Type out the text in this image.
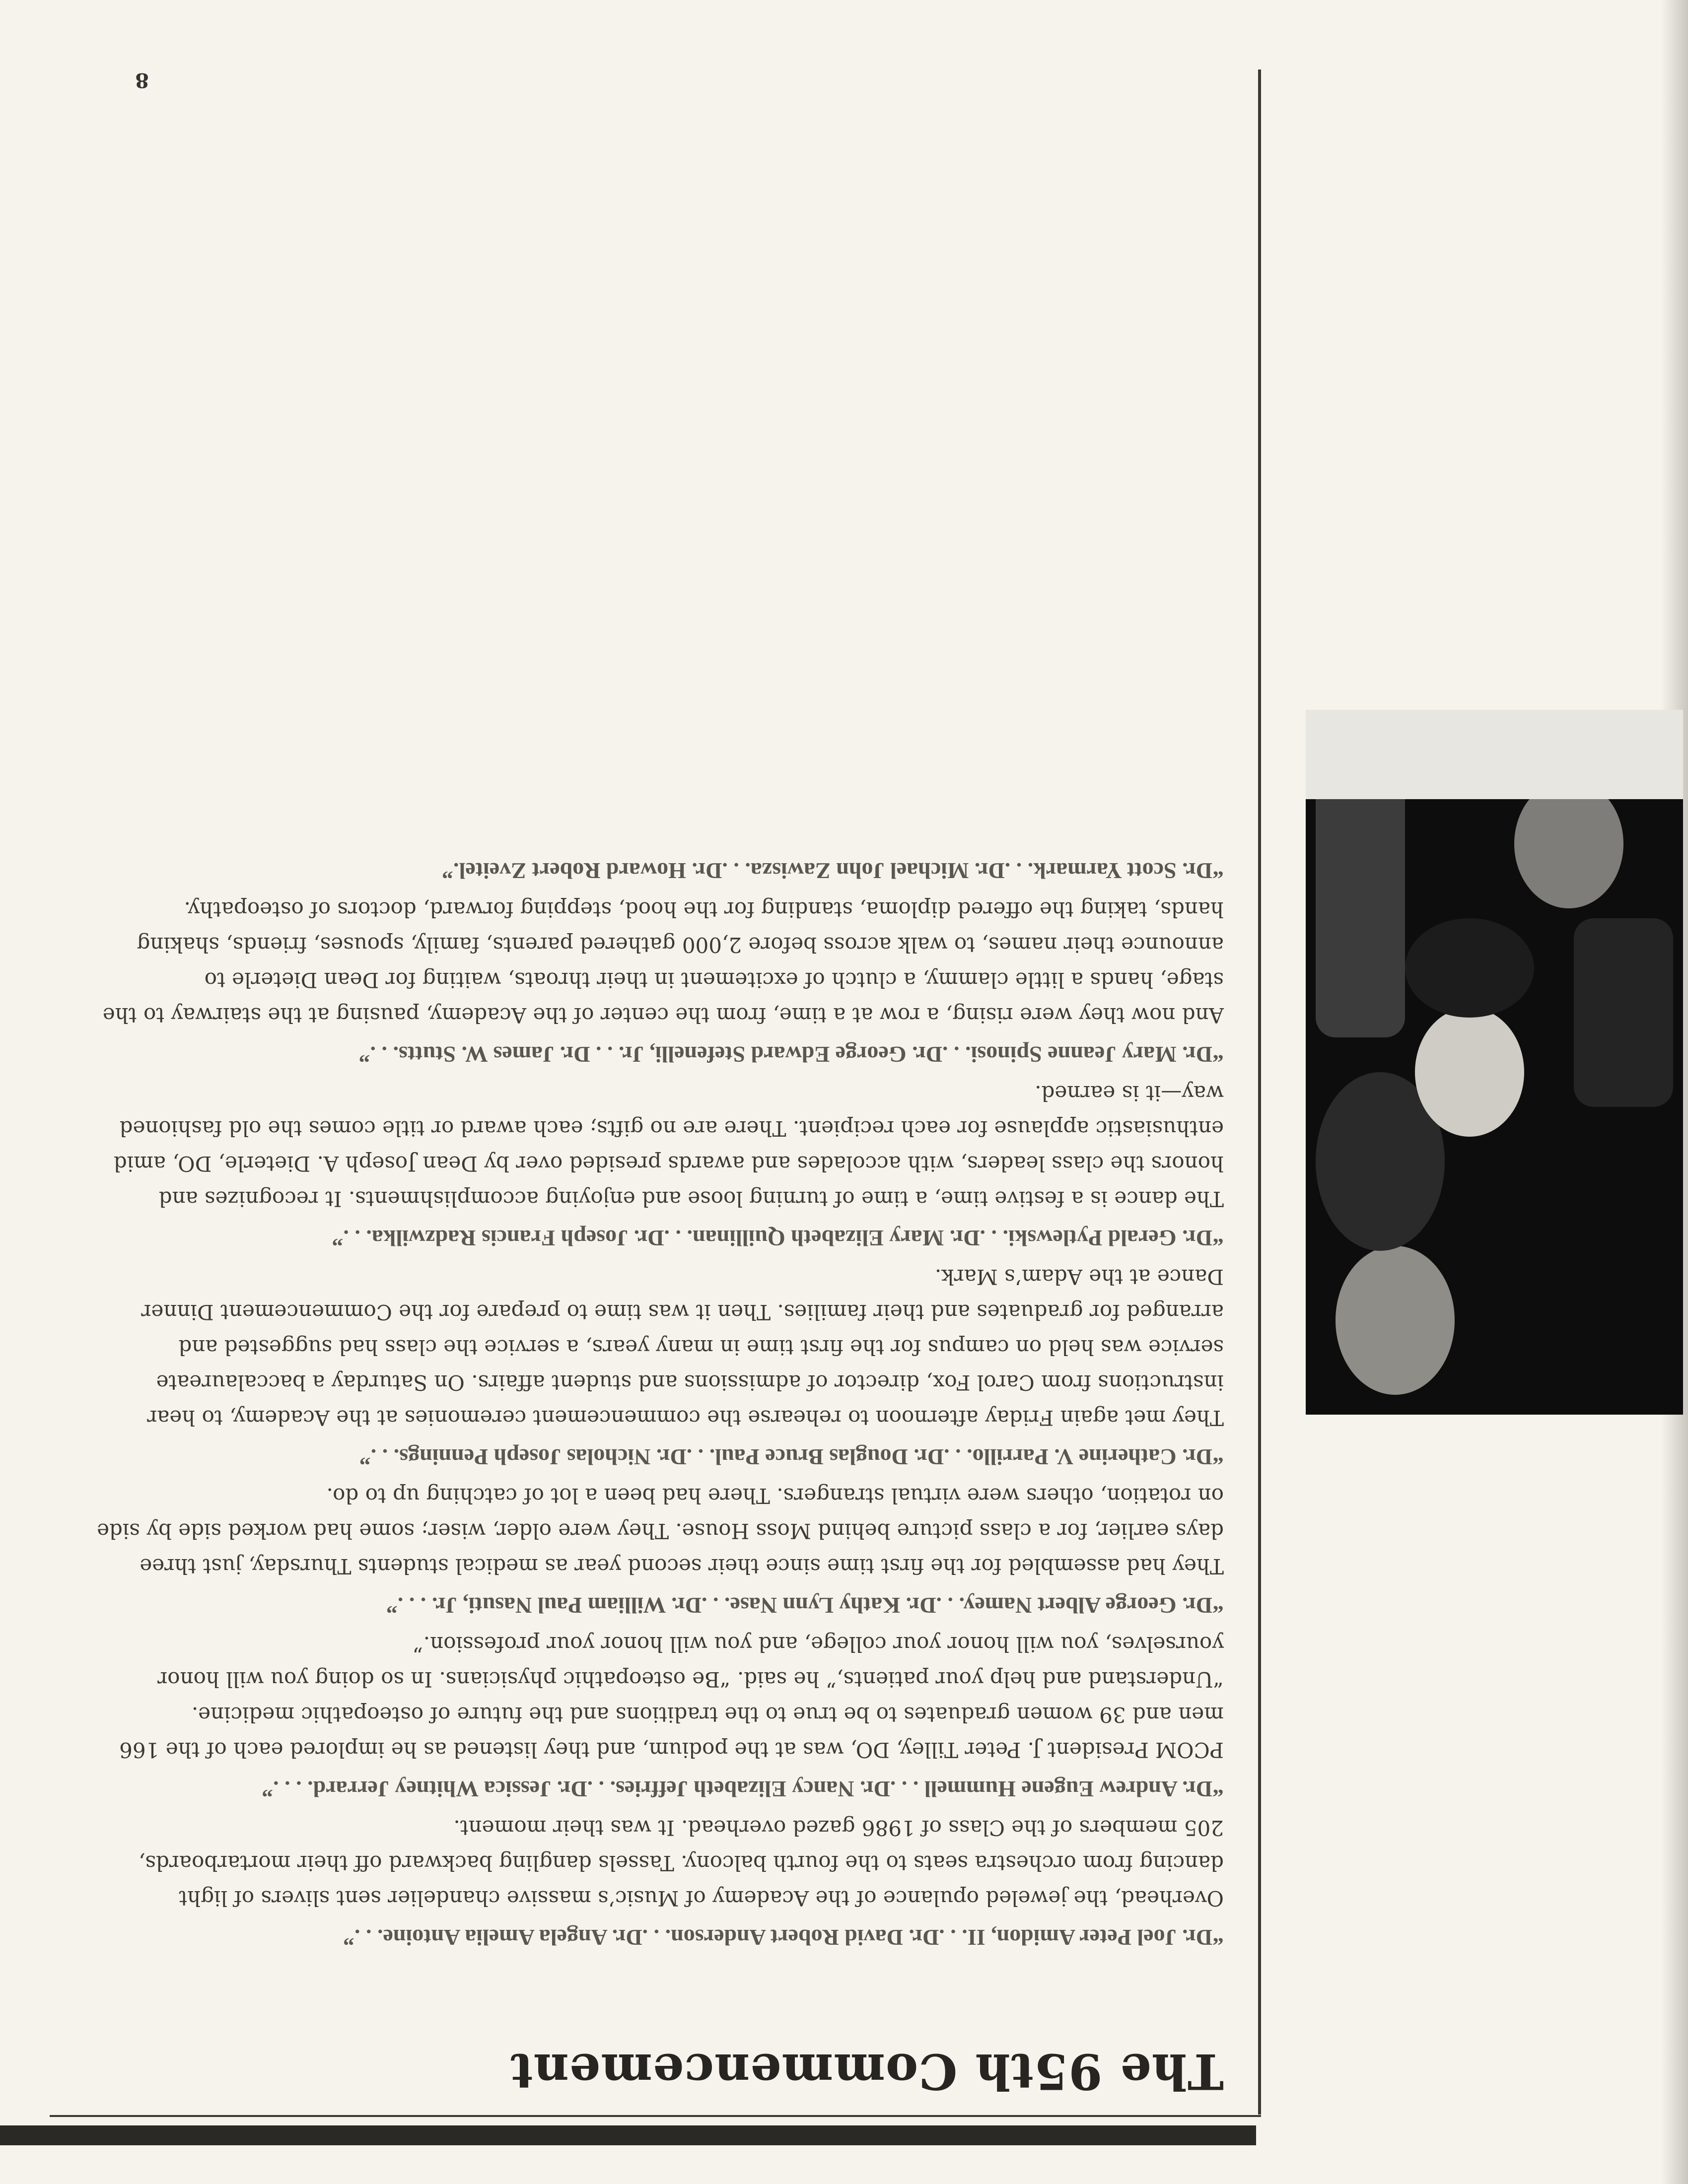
The 95th Commencement

“Dr. Joel Peter Amidon, II. . .Dr. David Robert Anderson. . .Dr. Angela Amelia Antoine. . .”

Overhead, the jeweled opulance of the Academy of Music’s massive chandelier sent slivers of light dancing from orchestra seats to the fourth balcony. Tassels dangling backward off their mortarboards, 205 members of the Class of 1986 gazed overhead. It was their moment.

“Dr. Andrew Eugene Hummell . . .Dr. Nancy Elizabeth Jeffries. . .Dr. Jessica Whitney Jerrard. . . .”

PCOM President J. Peter Tilley, DO, was at the podium, and they listened as he implored each of the 166 men and 39 women graduates to be true to the traditions and the future of osteopathic medicine. “Understand and help your patients,” he said. “Be osteopathic physicians. In so doing you will honor yourselves, you will honor your college, and you will honor your profession.”

“Dr. George Albert Namey. . .Dr. Kathy Lynn Nase. . .Dr. William Paul Nasuti, Jr. . . .”

They had assembled for the first time since their second year as medical students Thursday, just three days earlier, for a class picture behind Moss House. They were older, wiser; some had worked side by side on rotation, others were virtual strangers. There had been a lot of catching up to do.

“Dr. Catherine V. Parrillo. . .Dr. Douglas Bruce Paul. . .Dr. Nicholas Joseph Pennings. . .”

They met again Friday afternoon to rehearse the commencement ceremonies at the Academy, to hear instructions from Carol Fox, director of admissions and student affairs. On Saturday a baccalaureate service was held on campus for the first time in many years, a service the class had suggested and arranged for graduates and their families. Then it was time to prepare for the Commencement Dinner Dance at the Adam’s Mark.

“Dr. Gerald Pytlewski. . .Dr. Mary Elizabeth Quillinan. . .Dr. Joseph Francis Radzwilka. . .”

The dance is a festive time, a time of turning loose and enjoying accomplishments. It recognizes and honors the class leaders, with accolades and awards presided over by Dean Joseph A. Dieterle, DO, amid enthusiastic applause for each recipient. There are no gifts; each award or title comes the old fashioned way—it is earned.

“Dr. Mary Jeanne Spinosi. . .Dr. George Edward Stefenelli, Jr. . . Dr. James W. Stutts. . .”

And now they were rising, a row at a time, from the center of the Academy, pausing at the stairway to the stage, hands a little clammy, a clutch of excitement in their throats, waiting for Dean Dieterle to announce their names, to walk across before 2,000 gathered parents, family, spouses, friends, shaking hands, taking the offered diploma, standing for the hood, stepping forward, doctors of osteopathy.

“Dr. Scott Yarmark. . .Dr. Michael John Zawisza. . .Dr. Howard Robert Zveitel.”

8
